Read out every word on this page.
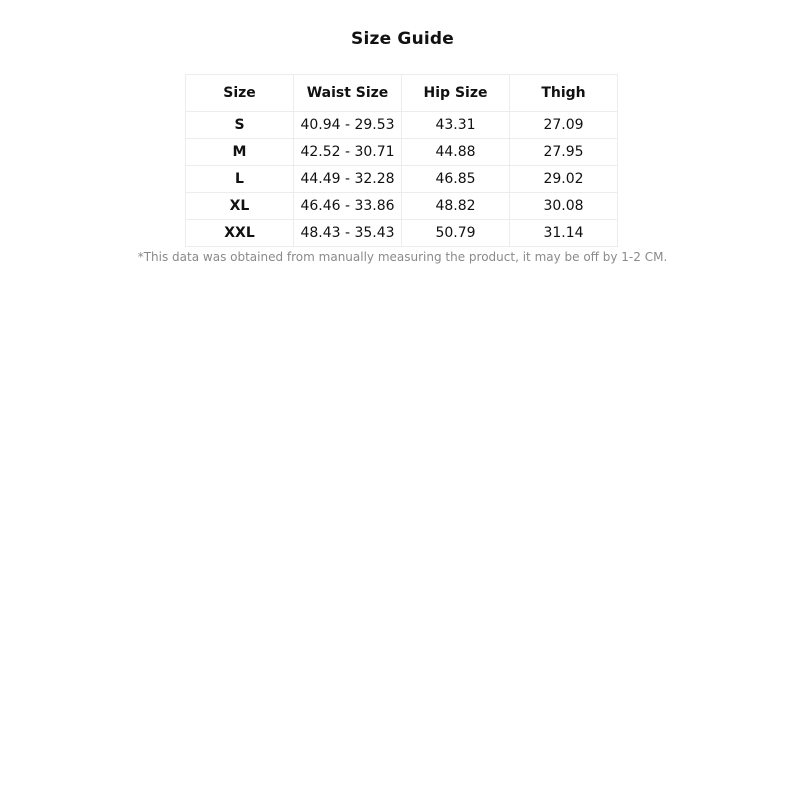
Size Guide
Size	Waist Size	Hip Size	Thigh
S	40.94 - 29.53	43.31	27.09
M	42.52 - 30.71	44.88	27.95
L	44.49 - 32.28	46.85	29.02
XL	46.46 - 33.86	48.82	30.08
XXL	48.43 - 35.43	50.79	31.14
*This data was obtained from manually measuring the product, it may be off by 1-2 CM.
